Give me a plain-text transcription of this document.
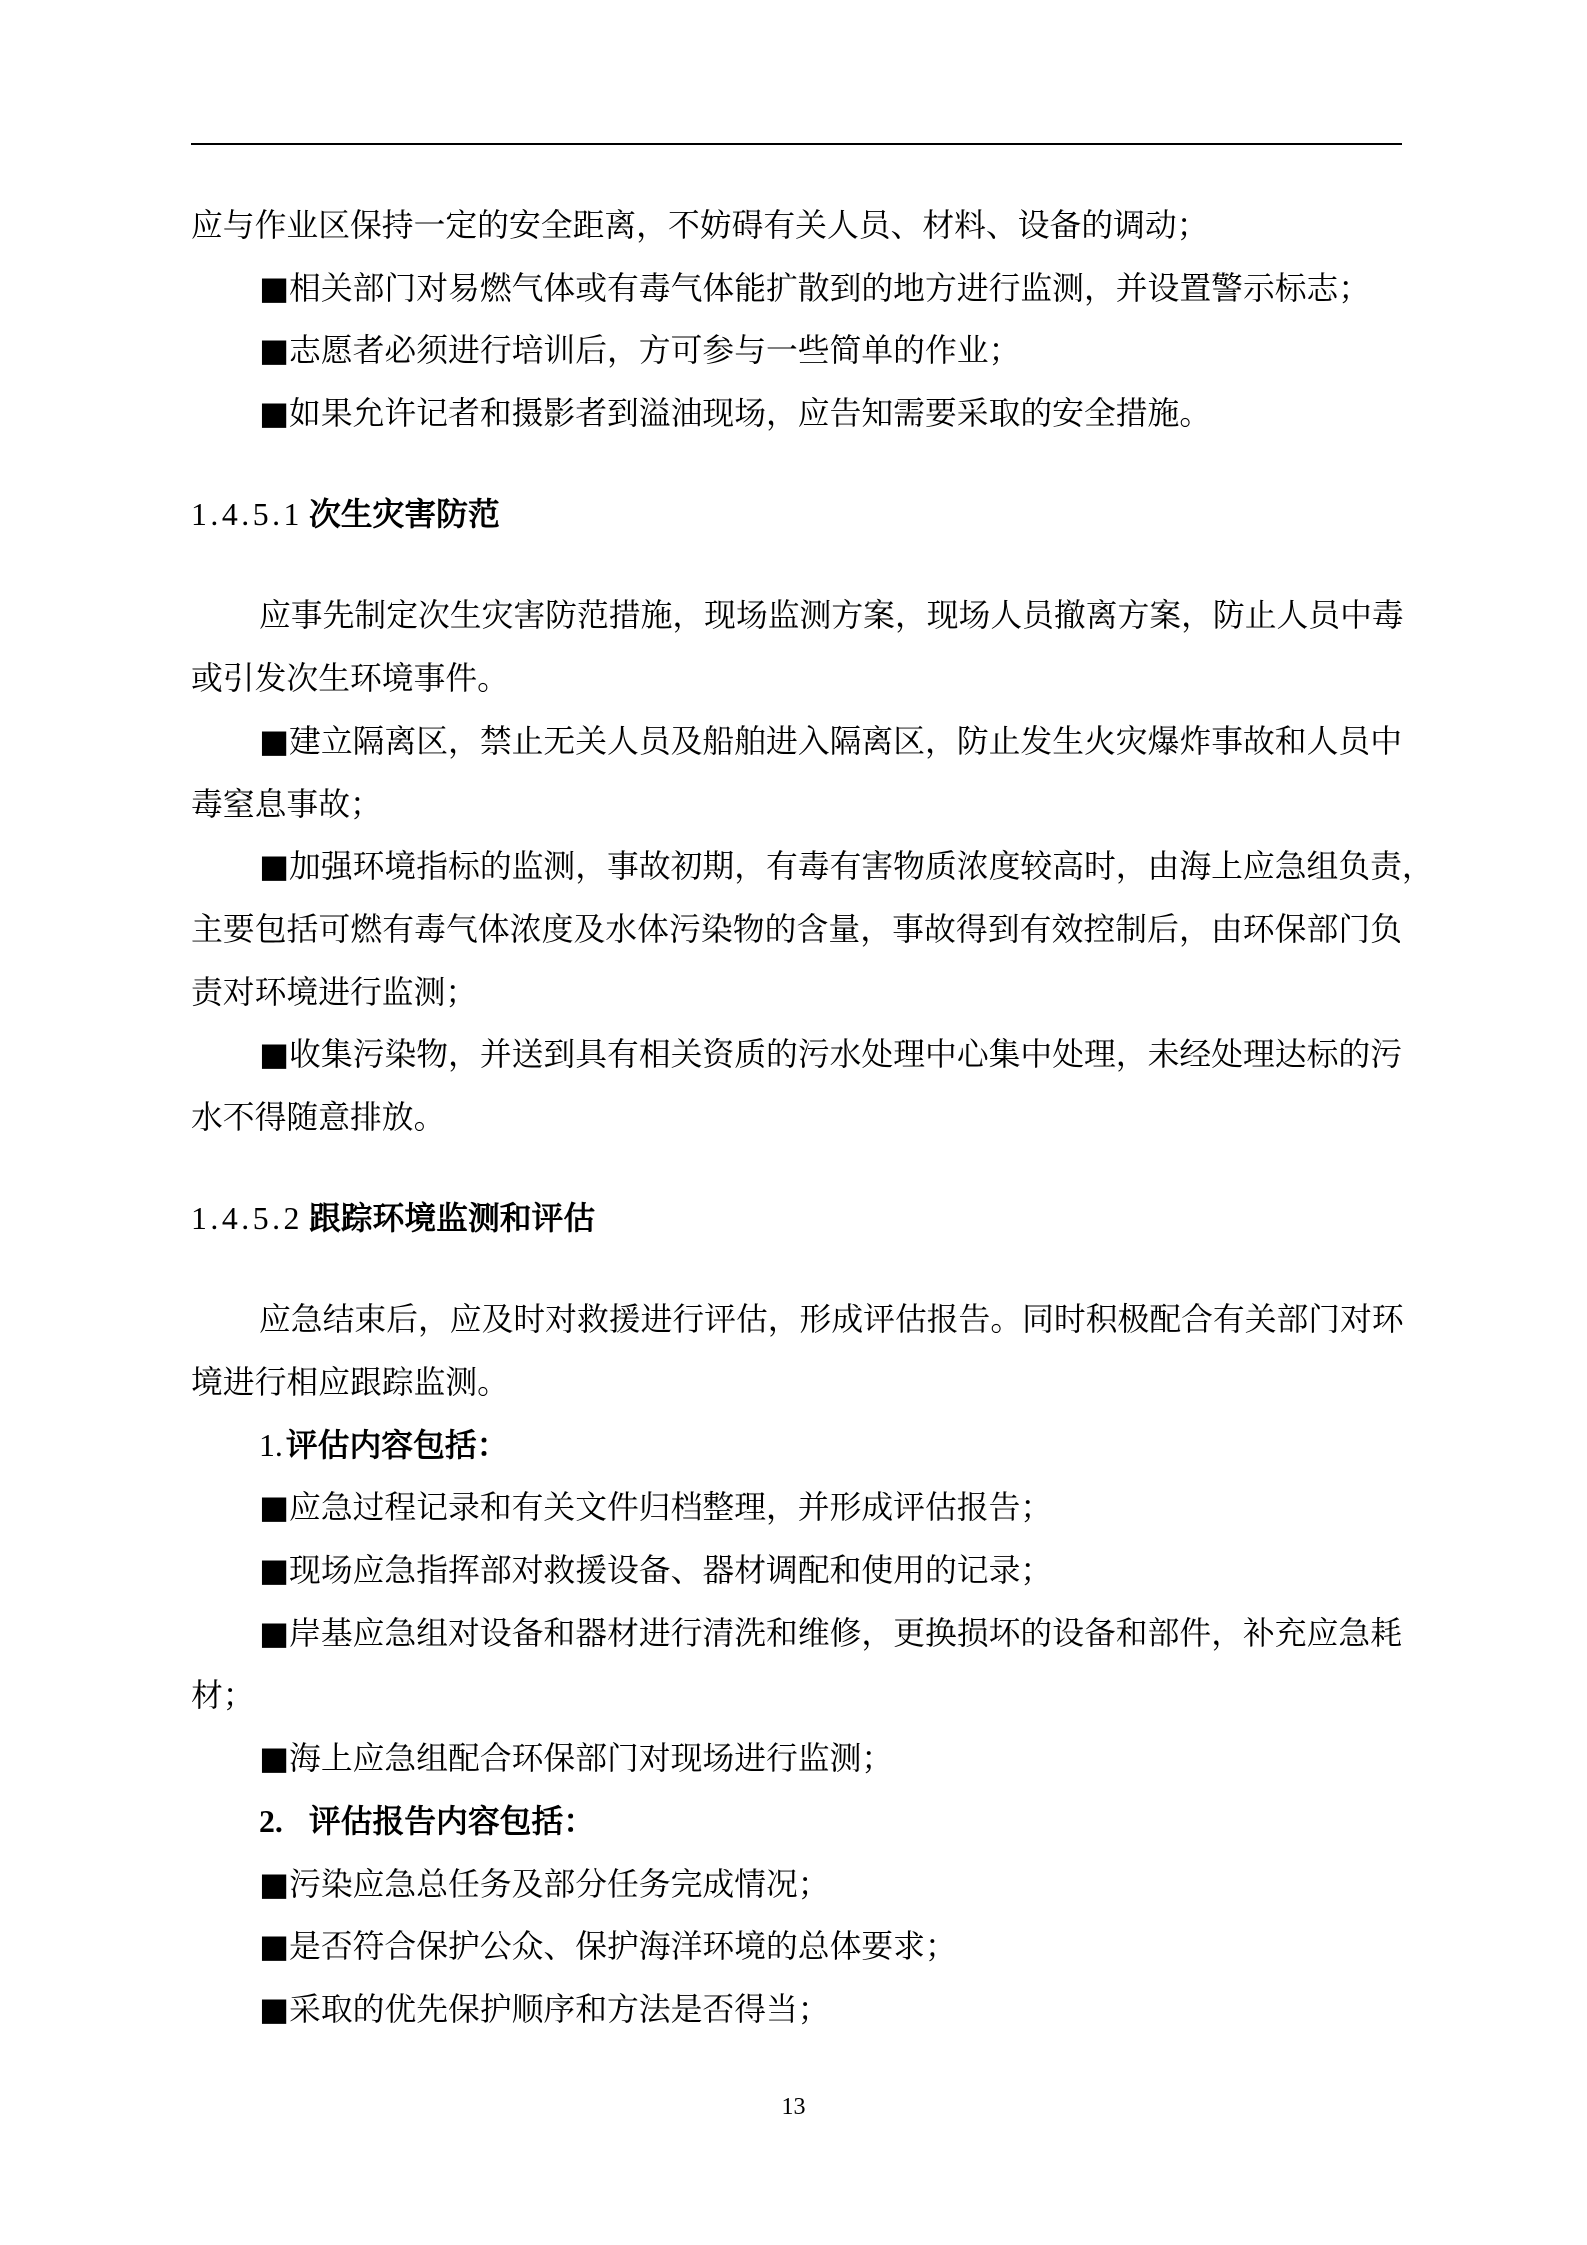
应与作业区保持一定的安全距离，不妨碍有关人员、材料、设备的调动；
■相关部门对易燃气体或有毒气体能扩散到的地方进行监测，并设置警示标志；
■志愿者必须进行培训后，方可参与一些简单的作业；
■如果允许记者和摄影者到溢油现场，应告知需要采取的安全措施。
1.4.5.1 次生灾害防范
应事先制定次生灾害防范措施，现场监测方案，现场人员撤离方案，防止人员中毒
或引发次生环境事件。
■建立隔离区，禁止无关人员及船舶进入隔离区，防止发生火灾爆炸事故和人员中
毒窒息事故；
■加强环境指标的监测，事故初期，有毒有害物质浓度较高时，由海上应急组负责，
主要包括可燃有毒气体浓度及水体污染物的含量，事故得到有效控制后，由环保部门负
责对环境进行监测；
■收集污染物，并送到具有相关资质的污水处理中心集中处理，未经处理达标的污
水不得随意排放。
1.4.5.2 跟踪环境监测和评估
应急结束后，应及时对救援进行评估，形成评估报告。同时积极配合有关部门对环
境进行相应跟踪监测。
1.评估内容包括：
■应急过程记录和有关文件归档整理，并形成评估报告；
■现场应急指挥部对救援设备、器材调配和使用的记录；
■岸基应急组对设备和器材进行清洗和维修，更换损坏的设备和部件，补充应急耗
材；
■海上应急组配合环保部门对现场进行监测；
2. 评估报告内容包括：
■污染应急总任务及部分任务完成情况；
■是否符合保护公众、保护海洋环境的总体要求；
■采取的优先保护顺序和方法是否得当；
13
